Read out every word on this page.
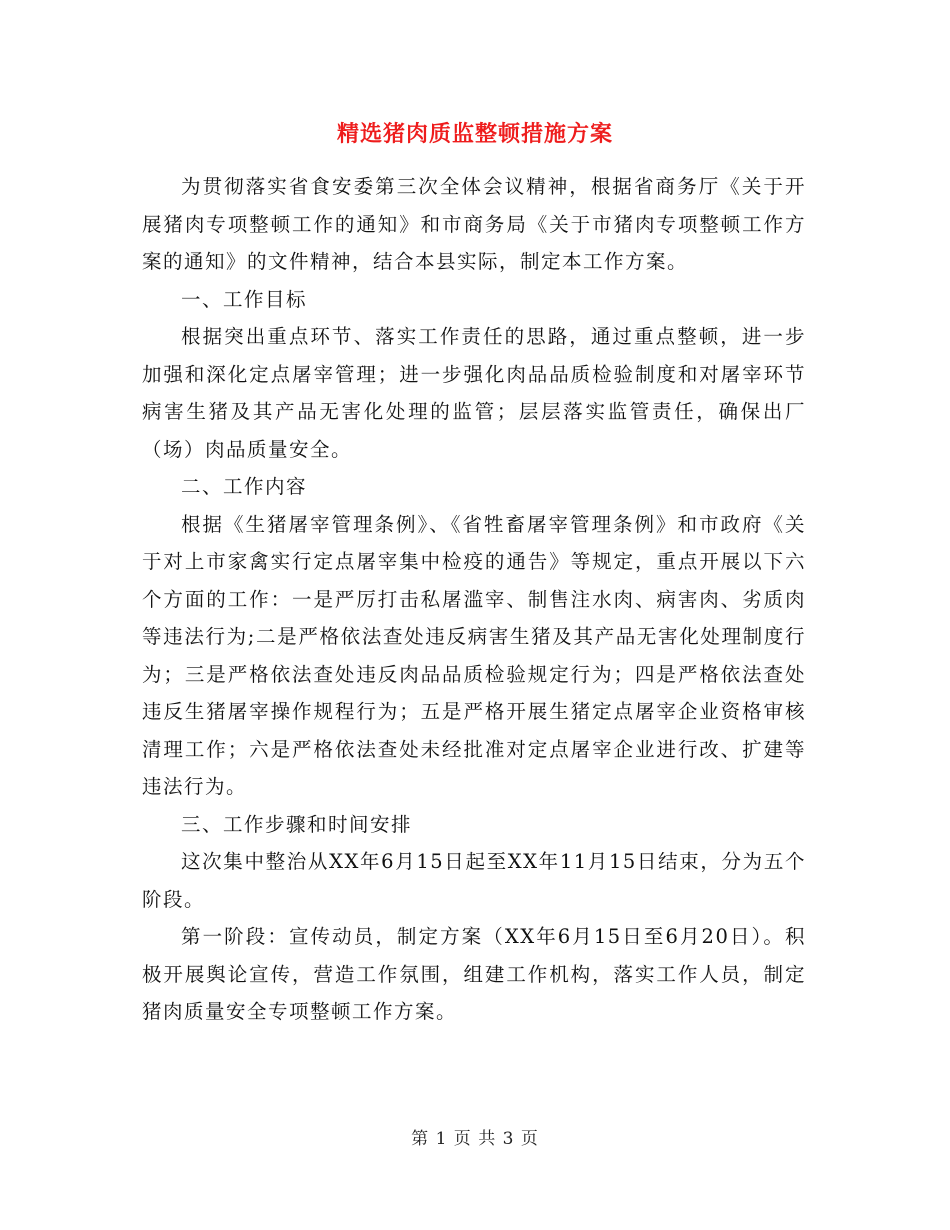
精选猪肉质监整顿措施方案

为贯彻落实省食安委第三次全体会议精神，根据省商务厅《关于开展猪肉专项整顿工作的通知》和市商务局《关于市猪肉专项整顿工作方案的通知》的文件精神，结合本县实际，制定本工作方案。

一、工作目标

根据突出重点环节、落实工作责任的思路，通过重点整顿，进一步加强和深化定点屠宰管理；进一步强化肉品品质检验制度和对屠宰环节病害生猪及其产品无害化处理的监管；层层落实监管责任，确保出厂（场）肉品质量安全。

二、工作内容

根据《生猪屠宰管理条例》、《省牲畜屠宰管理条例》和市政府《关于对上市家禽实行定点屠宰集中检疫的通告》等规定，重点开展以下六个方面的工作：一是严厉打击私屠滥宰、制售注水肉、病害肉、劣质肉等违法行为;二是严格依法查处违反病害生猪及其产品无害化处理制度行为；三是严格依法查处违反肉品品质检验规定行为；四是严格依法查处违反生猪屠宰操作规程行为；五是严格开展生猪定点屠宰企业资格审核清理工作；六是严格依法查处未经批准对定点屠宰企业进行改、扩建等违法行为。

三、工作步骤和时间安排

这次集中整治从XX年6月15日起至XX年11月15日结束，分为五个阶段。

第一阶段：宣传动员，制定方案（XX年6月15日至6月20日）。积极开展舆论宣传，营造工作氛围，组建工作机构，落实工作人员，制定猪肉质量安全专项整顿工作方案。

第 1 页 共 3 页
